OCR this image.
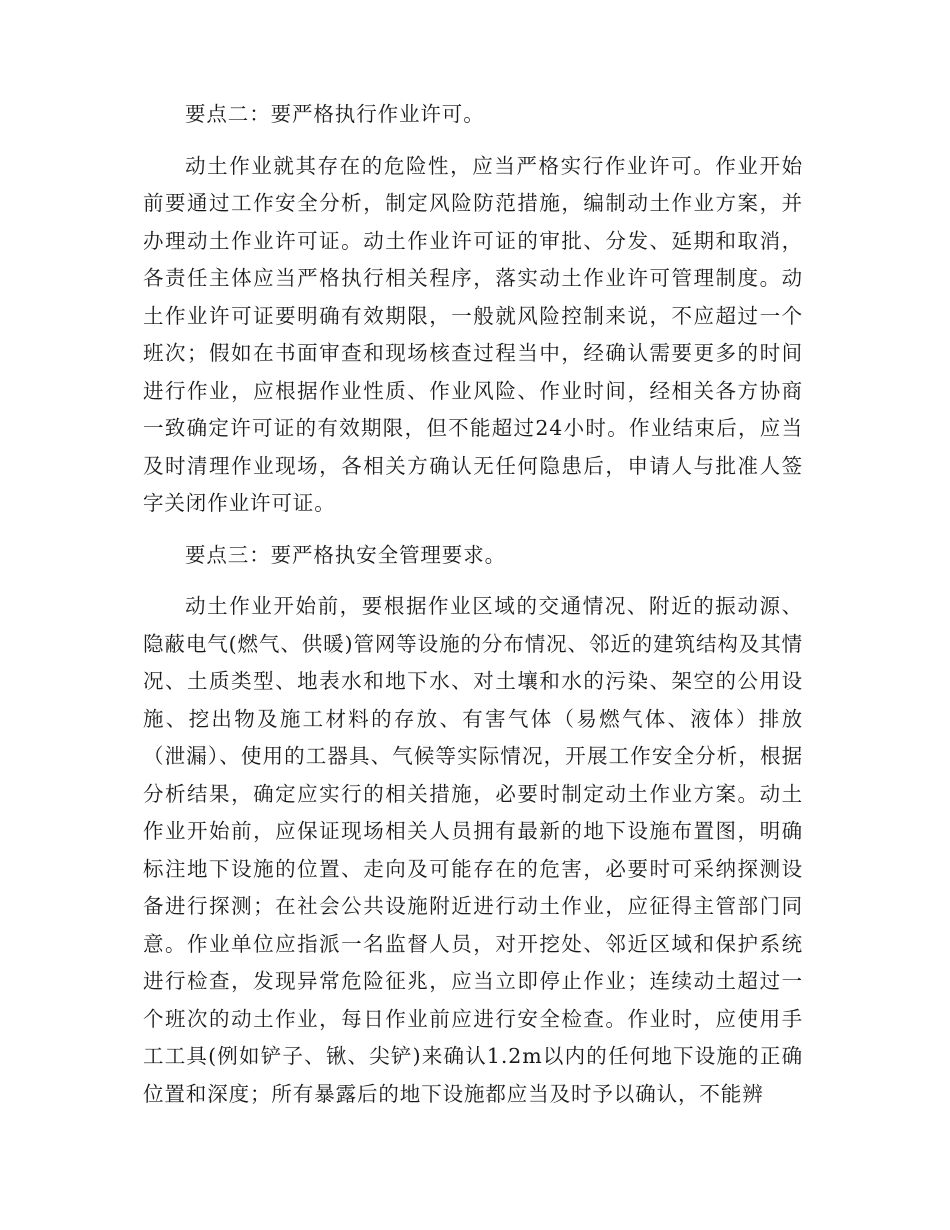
要点二：要严格执行作业许可。

动土作业就其存在的危险性，应当严格实行作业许可。作业开始前要通过工作安全分析，制定风险防范措施，编制动土作业方案，并办理动土作业许可证。动土作业许可证的审批、分发、延期和取消，各责任主体应当严格执行相关程序，落实动土作业许可管理制度。动土作业许可证要明确有效期限，一般就风险控制来说，不应超过一个班次；假如在书面审查和现场核查过程当中，经确认需要更多的时间进行作业，应根据作业性质、作业风险、作业时间，经相关各方协商一致确定许可证的有效期限，但不能超过24小时。作业结束后，应当及时清理作业现场，各相关方确认无任何隐患后，申请人与批准人签字关闭作业许可证。

要点三：要严格执安全管理要求。

动土作业开始前，要根据作业区域的交通情况、附近的振动源、隐蔽电气(燃气、供暖)管网等设施的分布情况、邻近的建筑结构及其情况、土质类型、地表水和地下水、对土壤和水的污染、架空的公用设施、挖出物及施工材料的存放、有害气体（易燃气体、液体）排放（泄漏）、使用的工器具、气候等实际情况，开展工作安全分析，根据分析结果，确定应实行的相关措施，必要时制定动土作业方案。动土作业开始前，应保证现场相关人员拥有最新的地下设施布置图，明确标注地下设施的位置、走向及可能存在的危害，必要时可采纳探测设备进行探测；在社会公共设施附近进行动土作业，应征得主管部门同意。作业单位应指派一名监督人员，对开挖处、邻近区域和保护系统进行检查，发现异常危险征兆，应当立即停止作业；连续动土超过一个班次的动土作业，每日作业前应进行安全检查。作业时，应使用手工工具(例如铲子、锹、尖铲)来确认1.2m以内的任何地下设施的正确位置和深度；所有暴露后的地下设施都应当及时予以确认，不能辨
